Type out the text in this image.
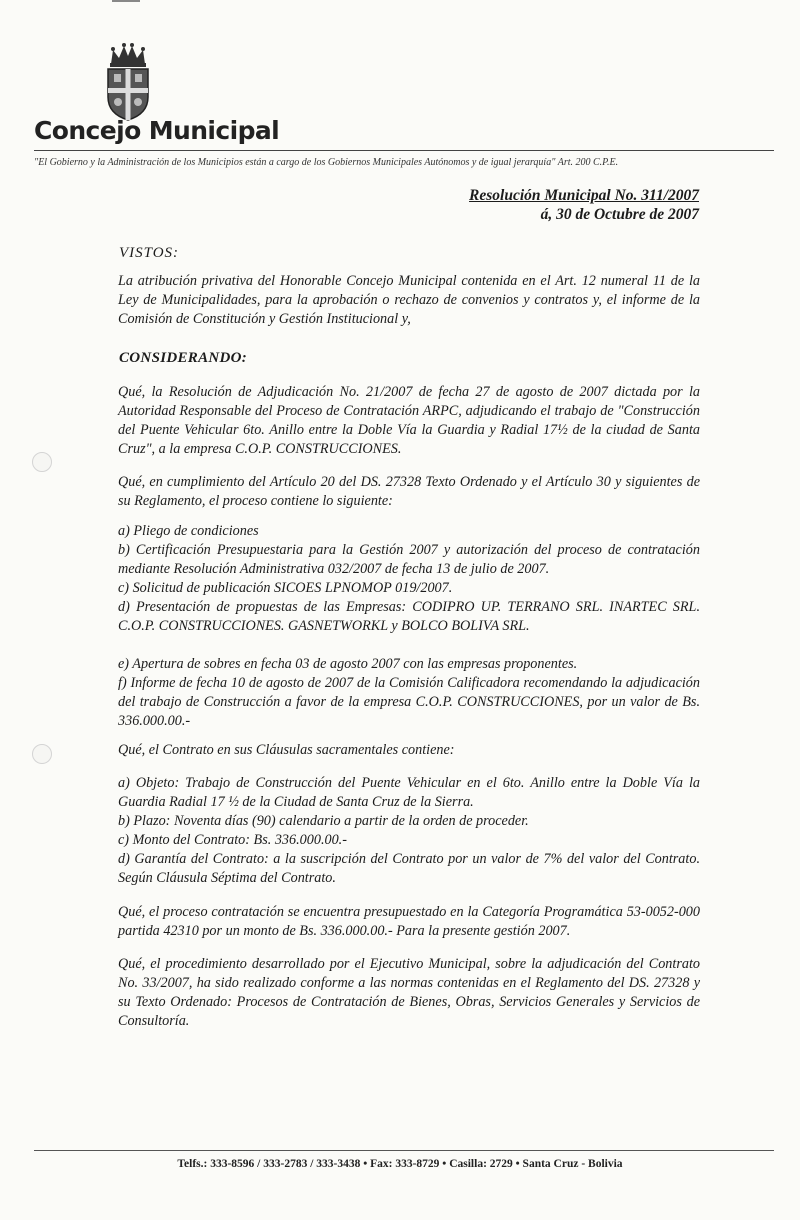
Concejo Municipal
"El Gobierno y la Administración de los Municipios están a cargo de los Gobiernos Municipales Autónomos y de igual jerarquía" Art. 200 C.P.E.
Resolución Municipal No. 311/2007
á, 30 de Octubre de 2007
VISTOS:

La atribución privativa del Honorable Concejo Municipal contenida en el Art. 12 numeral 11 de la Ley de Municipalidades, para la aprobación o rechazo de convenios y contratos y, el informe de la Comisión de Constitución y Gestión Institucional y,

CONSIDERANDO:

Qué, la Resolución de Adjudicación No. 21/2007 de fecha 27 de agosto de 2007 dictada por la Autoridad Responsable del Proceso de Contratación ARPC, adjudicando el trabajo de "Construcción del Puente Vehicular 6to. Anillo entre la Doble Vía la Guardia y Radial 17½ de la ciudad de Santa Cruz", a la empresa C.O.P. CONSTRUCCIONES.

Qué, en cumplimiento del Artículo 20 del DS. 27328 Texto Ordenado y el Artículo 30 y siguientes de su Reglamento, el proceso contiene lo siguiente:

a) Pliego de condiciones

b) Certificación Presupuestaria para la Gestión 2007 y autorización del proceso de contratación mediante Resolución Administrativa 032/2007 de fecha 13 de julio de 2007.

c) Solicitud de publicación SICOES LPNOMOP 019/2007.

d) Presentación de propuestas de las Empresas: CODIPRO UP. TERRANO SRL. INARTEC SRL. C.O.P. CONSTRUCCIONES. GASNETWORKL y BOLCO BOLIVA SRL.

e) Apertura de sobres en fecha 03 de agosto 2007 con las empresas proponentes.

f) Informe de fecha 10 de agosto de 2007 de la Comisión Calificadora recomendando la adjudicación del trabajo de Construcción a favor de la empresa C.O.P. CONSTRUCCIONES, por un valor de Bs. 336.000.00.-

Qué, el Contrato en sus Cláusulas sacramentales contiene:

a) Objeto: Trabajo de Construcción del Puente Vehicular en el 6to. Anillo entre la Doble Vía la Guardia Radial 17 ½ de la Ciudad de Santa Cruz de la Sierra.

b) Plazo: Noventa días (90) calendario a partir de la orden de proceder.

c) Monto del Contrato: Bs. 336.000.00.-

d) Garantía del Contrato: a la suscripción del Contrato por un valor de 7% del valor del Contrato. Según Cláusula Séptima del Contrato.

Qué, el proceso contratación se encuentra presupuestado en la Categoría Programática 53-0052-000 partida 42310 por un monto de Bs. 336.000.00.- Para la presente gestión 2007.

Qué, el procedimiento desarrollado por el Ejecutivo Municipal, sobre la adjudicación del Contrato No. 33/2007, ha sido realizado conforme a las normas contenidas en el Reglamento del DS. 27328 y su Texto Ordenado: Procesos de Contratación de Bienes, Obras, Servicios Generales y Servicios de Consultoría.

Telfs.: 333-8596 / 333-2783 / 333-3438 • Fax: 333-8729 • Casilla: 2729 • Santa Cruz - Bolivia
